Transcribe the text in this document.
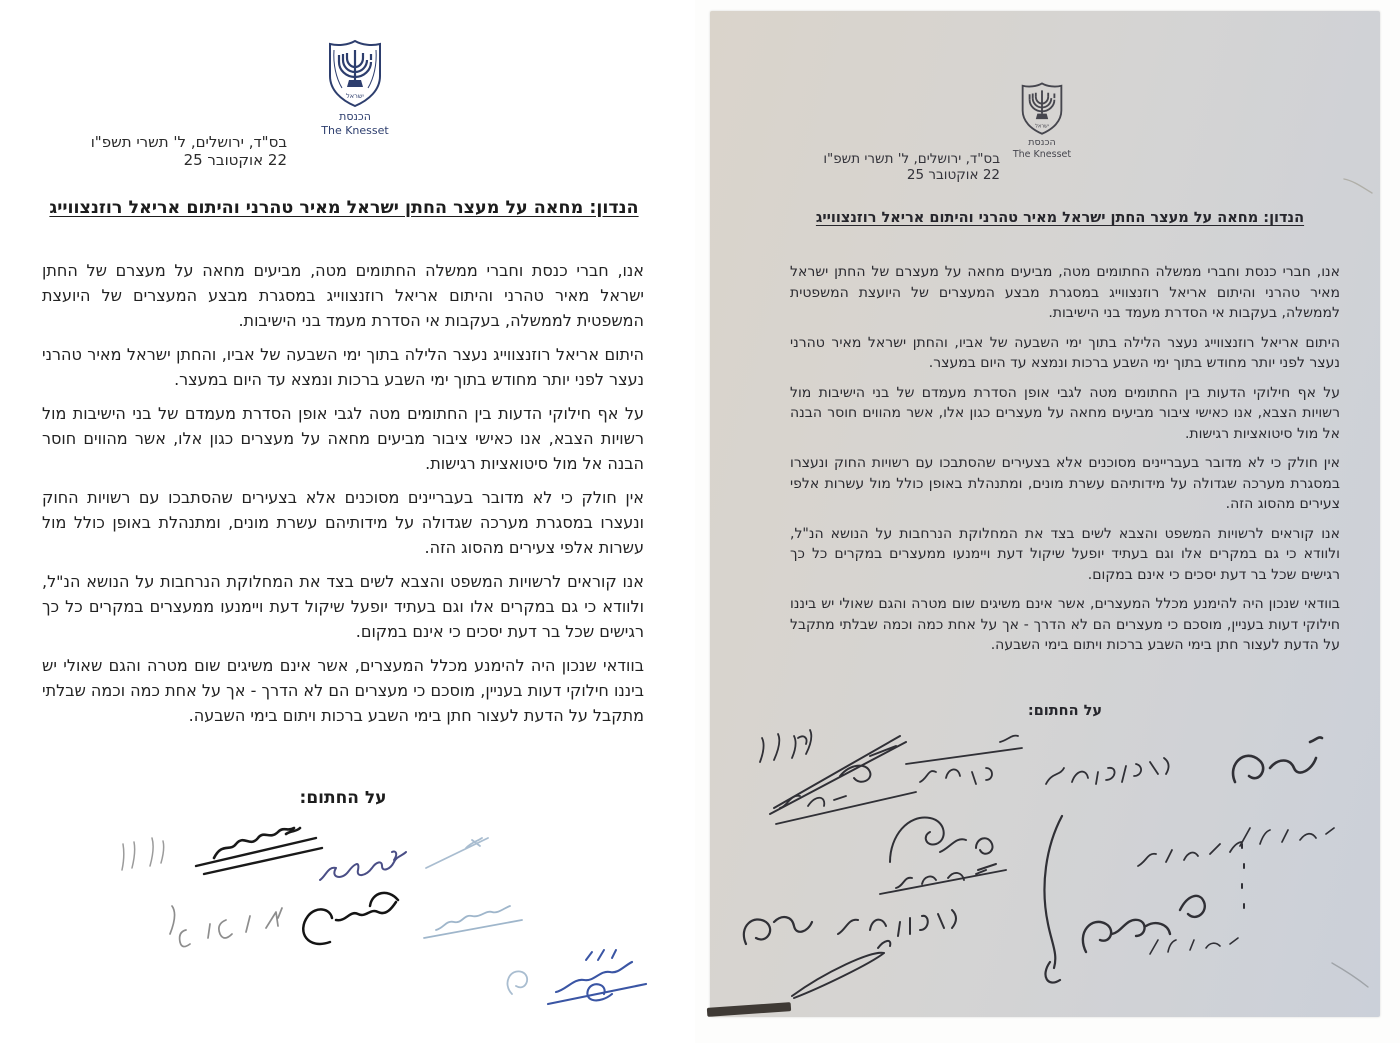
ישראל
הכנסת
The Knesset
בס"ד, ירושלים, ל' תשרי תשפ"ו
22 אוקטובר 25
הנדון: מחאה על מעצר החתן ישראל מאיר טהרני והיתום אריאל רוזנצווייג

אנו, חברי כנסת וחברי ממשלה החתומים מטה, מביעים מחאה על מעצרם של החתן ישראל מאיר טהרני והיתום אריאל רוזנצווייג במסגרת מבצע המעצרים של היועצת המשפטית לממשלה, בעקבות אי הסדרת מעמד בני הישיבות.

היתום אריאל רוזנצווייג נעצר הלילה בתוך ימי השבעה של אביו, והחתן ישראל מאיר טהרני נעצר לפני יותר מחודש בתוך ימי השבע ברכות ונמצא עד היום במעצר.

על אף חילוקי הדעות בין החתומים מטה לגבי אופן הסדרת מעמדם של בני הישיבות מול רשויות הצבא, אנו כאישי ציבור מביעים מחאה על מעצרים כגון אלו, אשר מהווים חוסר הבנה אל מול סיטואציות רגישות.

אין חולק כי לא מדובר בעבריינים מסוכנים אלא בצעירים שהסתבכו עם רשויות החוק ונעצרו במסגרת מערכה שגדולה על מידותיהם עשרת מונים, ומתנהלת באופן כולל מול עשרות אלפי צעירים מהסוג הזה.

אנו קוראים לרשויות המשפט והצבא לשים בצד את המחלוקת הנרחבות על הנושא הנ"ל, ולוודא כי גם במקרים אלו וגם בעתיד יופעל שיקול דעת ויימנעו ממעצרים במקרים כל כך רגישים שכל בר דעת יסכים כי אינם במקום.

בוודאי שנכון היה להימנע מכלל המעצרים, אשר אינם משיגים שום מטרה והגם שאולי יש ביננו חילוקי דעות בעניין, מוסכם כי מעצרים הם לא הדרך - אך על אחת כמה וכמה שבלתי מתקבל על הדעת לעצור חתן בימי השבע ברכות ויתום בימי השבעה.

על החתום:
ישראל
הכנסת
The Knesset
בס"ד, ירושלים, ל' תשרי תשפ"ו
22 אוקטובר 25
הנדון: מחאה על מעצר החתן ישראל מאיר טהרני והיתום אריאל רוזנצווייג

אנו, חברי כנסת וחברי ממשלה החתומים מטה, מביעים מחאה על מעצרם של החתן ישראל מאיר טהרני והיתום אריאל רוזנצווייג במסגרת מבצע המעצרים של היועצת המשפטית לממשלה, בעקבות אי הסדרת מעמד בני הישיבות.

היתום אריאל רוזנצווייג נעצר הלילה בתוך ימי השבעה של אביו, והחתן ישראל מאיר טהרני נעצר לפני יותר מחודש בתוך ימי השבע ברכות ונמצא עד היום במעצר.

על אף חילוקי הדעות בין החתומים מטה לגבי אופן הסדרת מעמדם של בני הישיבות מול רשויות הצבא, אנו כאישי ציבור מביעים מחאה על מעצרים כגון אלו, אשר מהווים חוסר הבנה אל מול סיטואציות רגישות.

אין חולק כי לא מדובר בעבריינים מסוכנים אלא בצעירים שהסתבכו עם רשויות החוק ונעצרו במסגרת מערכה שגדולה על מידותיהם עשרת מונים, ומתנהלת באופן כולל מול עשרות אלפי צעירים מהסוג הזה.

אנו קוראים לרשויות המשפט והצבא לשים בצד את המחלוקת הנרחבות על הנושא הנ"ל, ולוודא כי גם במקרים אלו וגם בעתיד יופעל שיקול דעת ויימנעו ממעצרים במקרים כל כך רגישים שכל בר דעת יסכים כי אינם במקום.

בוודאי שנכון היה להימנע מכלל המעצרים, אשר אינם משיגים שום מטרה והגם שאולי יש ביננו חילוקי דעות בעניין, מוסכם כי מעצרים הם לא הדרך - אך על אחת כמה וכמה שבלתי מתקבל על הדעת לעצור חתן בימי השבע ברכות ויתום בימי השבעה.

על החתום:
